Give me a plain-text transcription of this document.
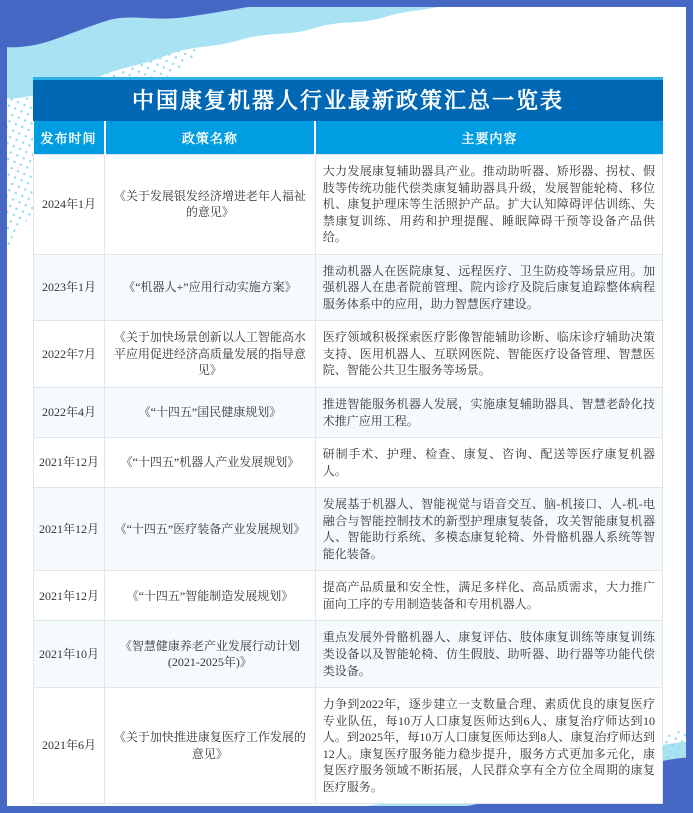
中国康复机器人行业最新政策汇总一览表
发布时间	政策名称	主要内容
2024年1月	《关于发展银发经济增进老年人福祉的意见》	大力发展康复辅助器具产业。推动助听器、矫形器、拐杖、假肢等传统功能代偿类康复辅助器具升级，发展智能轮椅、移位机、康复护理床等生活照护产品。扩大认知障碍评估训练、失禁康复训练、用药和护理提醒、睡眠障碍干预等设备产品供给。
2023年1月	《“机器人+”应用行动实施方案》	推动机器人在医院康复、远程医疗、卫生防疫等场景应用。加强机器人在患者院前管理、院内诊疗及院后康复追踪整体病程服务体系中的应用，助力智慧医疗建设。
2022年7月	《关于加快场景创新以人工智能高水平应用促进经济高质量发展的指导意见》	医疗领域积极探索医疗影像智能辅助诊断、临床诊疗辅助决策支持、医用机器人、互联网医院、智能医疗设备管理、智慧医院、智能公共卫生服务等场景。
2022年4月	《“十四五”国民健康规划》	推进智能服务机器人发展，实施康复辅助器具、智慧老龄化技术推广应用工程。
2021年12月	《“十四五”机器人产业发展规划》	研制手术、护理、检查、康复、咨询、配送等医疗康复机器人。
2021年12月	《“十四五”医疗装备产业发展规划》	发展基于机器人、智能视觉与语音交互、脑-机接口、人-机-电融合与智能控制技术的新型护理康复装备，攻关智能康复机器人、智能助行系统、多模态康复轮椅、外骨骼机器人系统等智能化装备。
2021年12月	《“十四五”智能制造发展规划》	提高产品质量和安全性，满足多样化、高品质需求，大力推广面向工序的专用制造装备和专用机器人。
2021年10月	《智慧健康养老产业发展行动计划(2021-2025年)》	重点发展外骨骼机器人、康复评估、肢体康复训练等康复训练类设备以及智能轮椅、仿生假肢、助听器、助行器等功能代偿类设备。
2021年6月	《关于加快推进康复医疗工作发展的意见》	力争到2022年，逐步建立一支数量合理、素质优良的康复医疗专业队伍，每10万人口康复医师达到6人、康复治疗师达到10人。到2025年，每10万人口康复医师达到8人、康复治疗师达到12人。康复医疗服务能力稳步提升，服务方式更加多元化，康复医疗服务领域不断拓展，人民群众享有全方位全周期的康复医疗服务。
